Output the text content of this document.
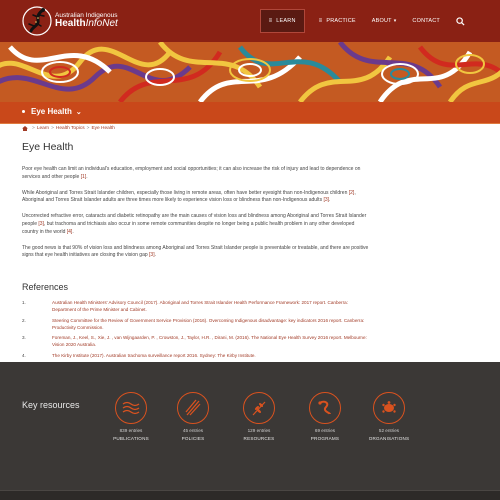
Australian Indigenous
HealthInfoNet	≡ LEARN	≡ PRACTICE	ABOUT ▾	CONTACT
Eye Health ⌄
> Learn > Health Topics > Eye Health
Eye Health

Poor eye health can limit an individual's education, employment and social opportunities; it can also increase the risk of injury and lead to dependence on services and other people [1].

While Aboriginal and Torres Strait Islander children, especially those living in remote areas, often have better eyesight than non-Indigenous children [2], Aboriginal and Torres Strait Islander adults are three times more likely to experience vision loss or blindness than non-Indigenous adults [3].

Uncorrected refractive error, cataracts and diabetic retinopathy are the main causes of vision loss and blindness among Aboriginal and Torres Strait Islander people [3], but trachoma and trichiasis also occur in some remote communities despite no longer being a public health problem in any other developed country in the world [4].

The good news is that 90% of vision loss and blindness among Aboriginal and Torres Strait Islander people is preventable or treatable, and there are positive signs that eye health initiatives are closing the vision gap [3].

References
1.	Australian Health Ministers' Advisory Council (2017). Aboriginal and Torres Strait Islander Health Performance Framework: 2017 report. Canberra: Department of the Prime Minister and Cabinet.
2.	Steering Committee for the Review of Government Service Provision (2016). Overcoming Indigenous disadvantage: key indicators 2016 report. Canberra: Productivity Commission.
3.	Foreman, J., Keel, S., Xie, J. , van Wijngaarden, P. , Crowston, J., Taylor, H.R. , Dirani, M. (2016). The National Eye Health Survey 2016 report. Melbourne: Vision 2020 Australia.
4.	The Kirby Institute (2017). Australian trachoma surveillance report 2016. Sydney: The Kirby Institute.
Key resources
839 entries
PUBLICATIONS
45 entries
POLICIES
129 entries
RESOURCES
69 entries
PROGRAMS
52 entries
ORGANISATIONS
